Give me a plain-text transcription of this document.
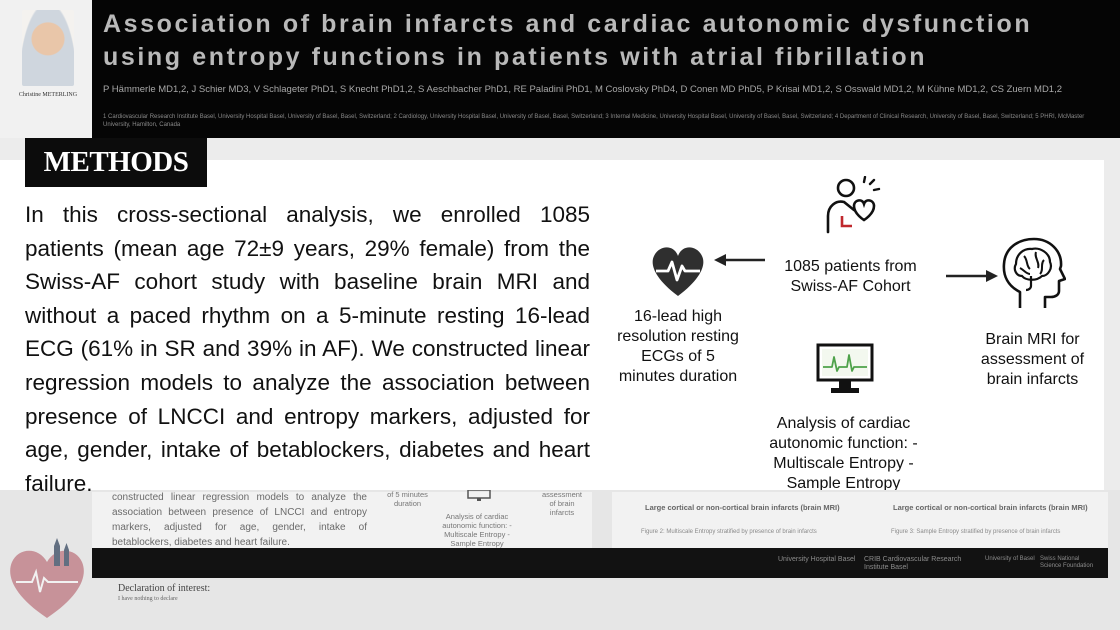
Christine METERLING
Association of brain infarcts and cardiac autonomic dysfunction using entropy functions in patients with atrial fibrillation
P Hämmerle MD1,2, J Schier MD3, V Schlageter PhD1, S Knecht PhD1,2, S Aeschbacher PhD1, RE Paladini PhD1, M Coslovsky PhD4, D Conen MD PhD5, P Krisai MD1,2, S Osswald MD1,2, M Kühne MD1,2, CS Zuern MD1,2
1 Cardiovascular Research Institute Basel, University Hospital Basel, University of Basel, Basel, Switzerland; 2 Cardiology, University Hospital Basel, University of Basel, Basel, Switzerland; 3 Internal Medicine, University Hospital Basel, University of Basel, Basel, Switzerland; 4 Department of Clinical Research, University of Basel, Basel, Switzerland; 5 PHRI, McMaster University, Hamilton, Canada
constructed linear regression models to analyze the association between presence of LNCCI and entropy markers, adjusted for age, gender, intake of betablockers, diabetes and heart failure.
of 5 minutes duration
Analysis of cardiac autonomic function: - Multiscale Entropy - Sample Entropy
assessment of brain infarcts
Large cortical or non-cortical brain infarcts (brain MRI)
Figure 2: Multiscale Entropy stratified by presence of brain infarcts
Large cortical or non-cortical brain infarcts (brain MRI)
Figure 3: Sample Entropy stratified by presence of brain infarcts
University Hospital Basel	CRIB Cardiovascular Research Institute Basel
University of Basel Swiss National Science Foundation
Declaration of interest:
I have nothing to declare
METHODS

In this cross-sectional analysis, we enrolled 1085 patients (mean age 72±9 years, 29% female) from the Swiss-AF cohort study with baseline brain MRI and without a paced rhythm on a 5-minute resting 16-lead ECG (61% in SR and 39% in AF). We constructed linear regression models to analyze the association between presence of LNCCI and entropy markers, adjusted for age, gender, intake of betablockers, diabetes and heart failure.

1085 patients from Swiss-AF Cohort
16-lead high resolution resting ECGs of 5 minutes duration
Brain MRI for assessment of brain infarcts
Analysis of cardiac autonomic function: - Multiscale Entropy - Sample Entropy
